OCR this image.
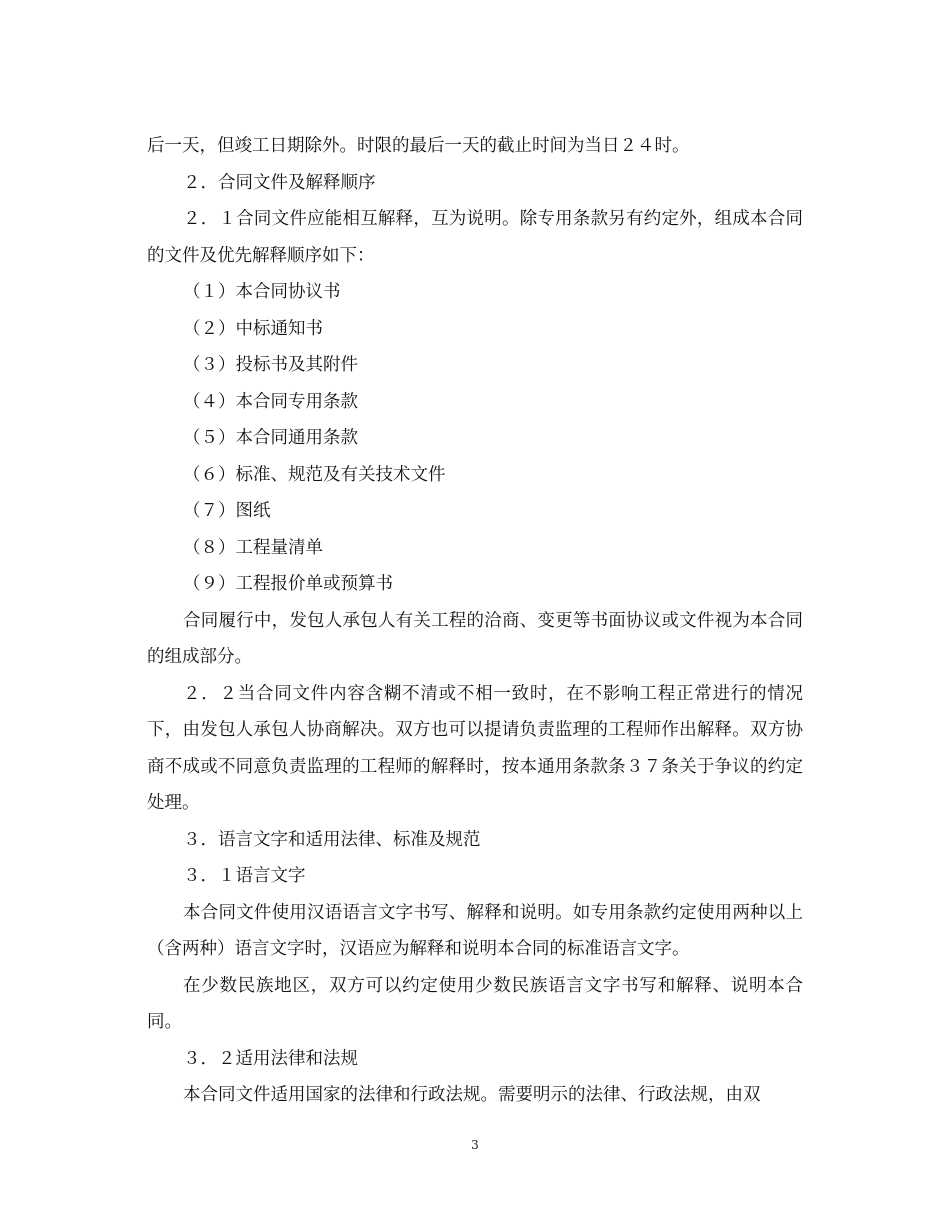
后一天，但竣工日期除外。时限的最后一天的截止时间为当日２４时。

２．合同文件及解释顺序

２．１合同文件应能相互解释，互为说明。除专用条款另有约定外，组成本合同的文件及优先解释顺序如下：

（１）本合同协议书

（２）中标通知书

（３）投标书及其附件

（４）本合同专用条款

（５）本合同通用条款

（６）标准、规范及有关技术文件

（７）图纸

（８）工程量清单

（９）工程报价单或预算书

合同履行中，发包人承包人有关工程的洽商、变更等书面协议或文件视为本合同的组成部分。

２．２当合同文件内容含糊不清或不相一致时，在不影响工程正常进行的情况下，由发包人承包人协商解决。双方也可以提请负责监理的工程师作出解释。双方协商不成或不同意负责监理的工程师的解释时，按本通用条款条３７条关于争议的约定处理。

３．语言文字和适用法律、标准及规范

３．１语言文字

本合同文件使用汉语语言文字书写、解释和说明。如专用条款约定使用两种以上（含两种）语言文字时，汉语应为解释和说明本合同的标准语言文字。

在少数民族地区，双方可以约定使用少数民族语言文字书写和解释、说明本合同。

３．２适用法律和法规

本合同文件适用国家的法律和行政法规。需要明示的法律、行政法规，由双

3
